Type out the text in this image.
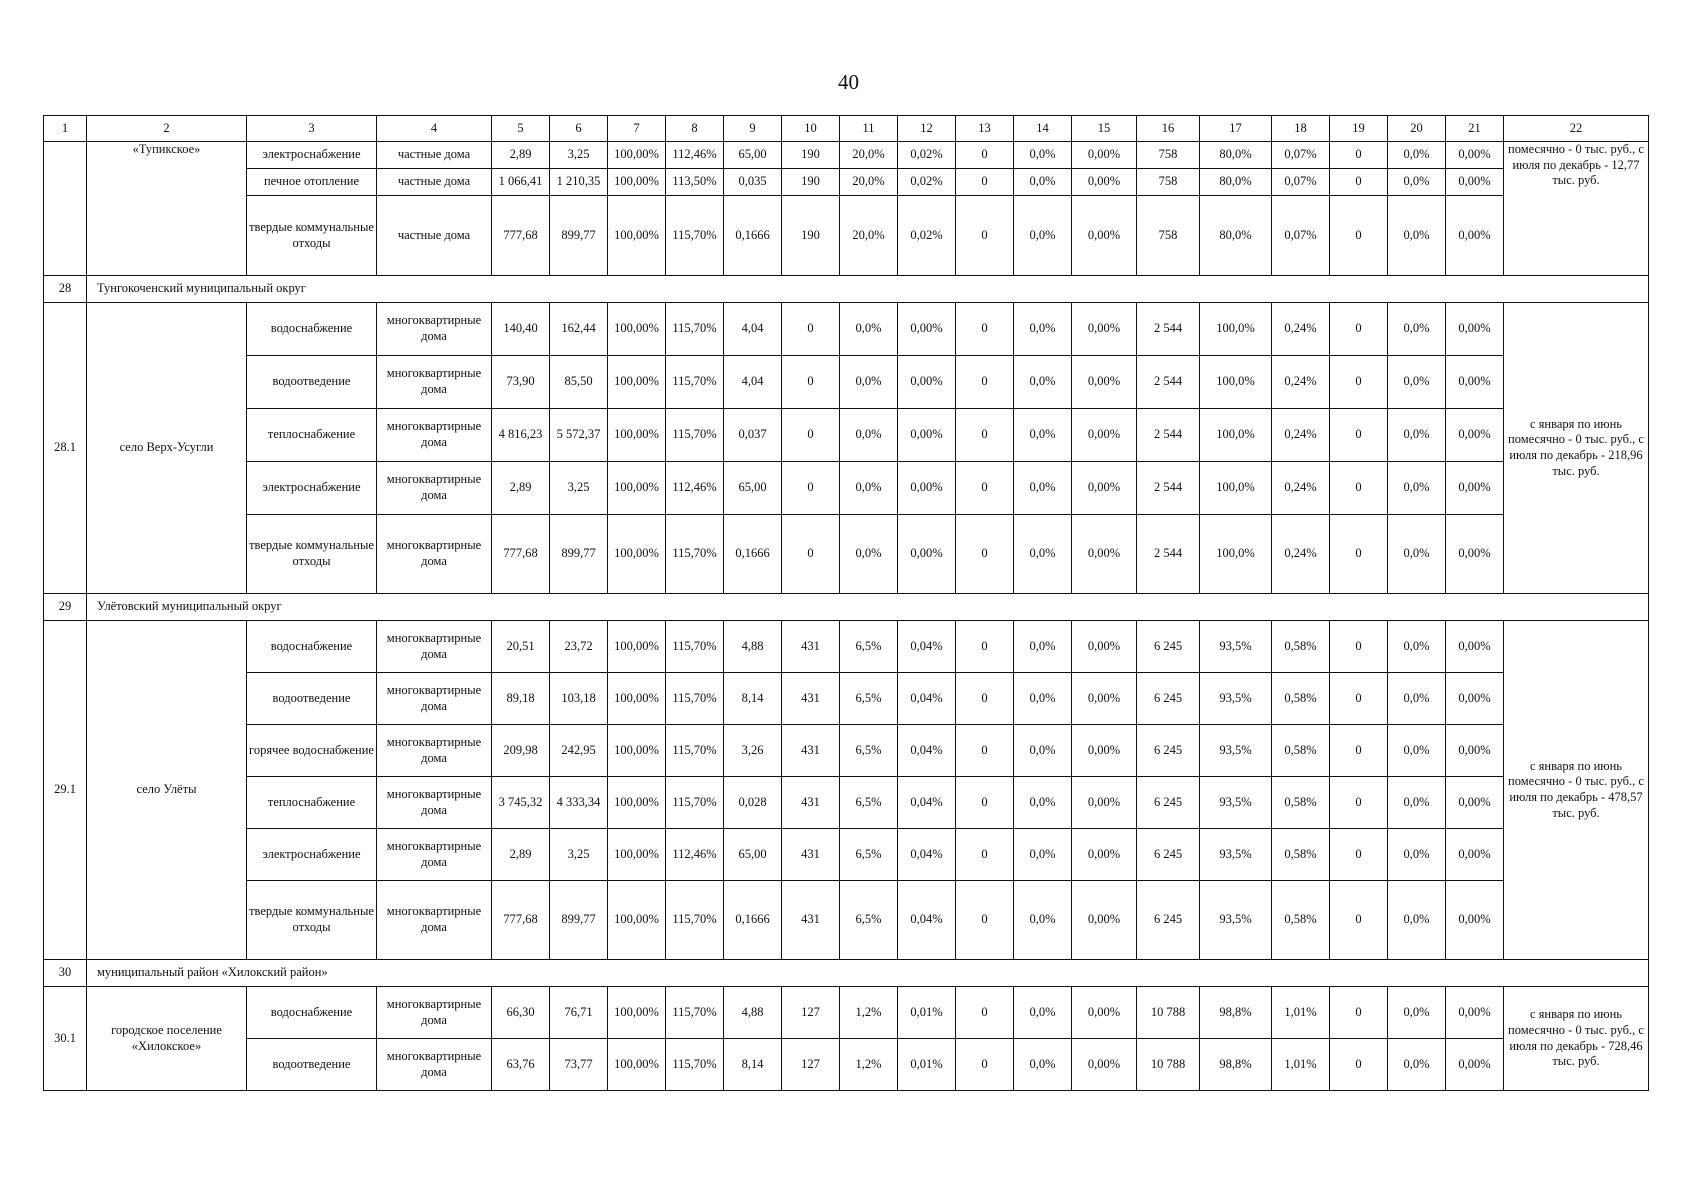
40
1	2	3	4	5	6	7	8	9	10	11	12	13	14	15	16	17	18	19	20	21	22
	«Тупикское»	электроснабжение	частные дома	2,89	3,25	100,00%	112,46%	65,00	190	20,0%	0,02%	0	0,0%	0,00%	758	80,0%	0,07%	0	0,0%	0,00%	помесячно - 0 тыс. руб., с июля по декабрь - 12,77 тыс. руб.
		печное отопление	частные дома	1 066,41	1 210,35	100,00%	113,50%	0,035	190	20,0%	0,02%	0	0,0%	0,00%	758	80,0%	0,07%	0	0,0%	0,00%	
		твердые коммунальные отходы	частные дома	777,68	899,77	100,00%	115,70%	0,1666	190	20,0%	0,02%	0	0,0%	0,00%	758	80,0%	0,07%	0	0,0%	0,00%	
28	Тунгокоченский муниципальный округ																				
28.1	село Верх-Усугли	водоснабжение	многоквартирные дома	140,40	162,44	100,00%	115,70%	4,04	0	0,0%	0,00%	0	0,0%	0,00%	2 544	100,0%	0,24%	0	0,0%	0,00%	с января по июнь помесячно - 0 тыс. руб., с июля по декабрь - 218,96 тыс. руб.
		водоотведение	многоквартирные дома	73,90	85,50	100,00%	115,70%	4,04	0	0,0%	0,00%	0	0,0%	0,00%	2 544	100,0%	0,24%	0	0,0%	0,00%	
		теплоснабжение	многоквартирные дома	4 816,23	5 572,37	100,00%	115,70%	0,037	0	0,0%	0,00%	0	0,0%	0,00%	2 544	100,0%	0,24%	0	0,0%	0,00%	
		электроснабжение	многоквартирные дома	2,89	3,25	100,00%	112,46%	65,00	0	0,0%	0,00%	0	0,0%	0,00%	2 544	100,0%	0,24%	0	0,0%	0,00%	
		твердые коммунальные отходы	многоквартирные дома	777,68	899,77	100,00%	115,70%	0,1666	0	0,0%	0,00%	0	0,0%	0,00%	2 544	100,0%	0,24%	0	0,0%	0,00%	
29	Улётовский муниципальный округ																				
29.1	село Улёты	водоснабжение	многоквартирные дома	20,51	23,72	100,00%	115,70%	4,88	431	6,5%	0,04%	0	0,0%	0,00%	6 245	93,5%	0,58%	0	0,0%	0,00%	с января по июнь помесячно - 0 тыс. руб., с июля по декабрь - 478,57 тыс. руб.
		водоотведение	многоквартирные дома	89,18	103,18	100,00%	115,70%	8,14	431	6,5%	0,04%	0	0,0%	0,00%	6 245	93,5%	0,58%	0	0,0%	0,00%	
		горячее водоснабжение	многоквартирные дома	209,98	242,95	100,00%	115,70%	3,26	431	6,5%	0,04%	0	0,0%	0,00%	6 245	93,5%	0,58%	0	0,0%	0,00%	
		теплоснабжение	многоквартирные дома	3 745,32	4 333,34	100,00%	115,70%	0,028	431	6,5%	0,04%	0	0,0%	0,00%	6 245	93,5%	0,58%	0	0,0%	0,00%	
		электроснабжение	многоквартирные дома	2,89	3,25	100,00%	112,46%	65,00	431	6,5%	0,04%	0	0,0%	0,00%	6 245	93,5%	0,58%	0	0,0%	0,00%	
		твердые коммунальные отходы	многоквартирные дома	777,68	899,77	100,00%	115,70%	0,1666	431	6,5%	0,04%	0	0,0%	0,00%	6 245	93,5%	0,58%	0	0,0%	0,00%	
30	муниципальный район «Хилокский район»																				
30.1	городское поселение «Хилокское»	водоснабжение	многоквартирные дома	66,30	76,71	100,00%	115,70%	4,88	127	1,2%	0,01%	0	0,0%	0,00%	10 788	98,8%	1,01%	0	0,0%	0,00%	с января по июнь помесячно - 0 тыс. руб., с июля по декабрь - 728,46 тыс. руб.
		водоотведение	многоквартирные дома	63,76	73,77	100,00%	115,70%	8,14	127	1,2%	0,01%	0	0,0%	0,00%	10 788	98,8%	1,01%	0	0,0%	0,00%	
